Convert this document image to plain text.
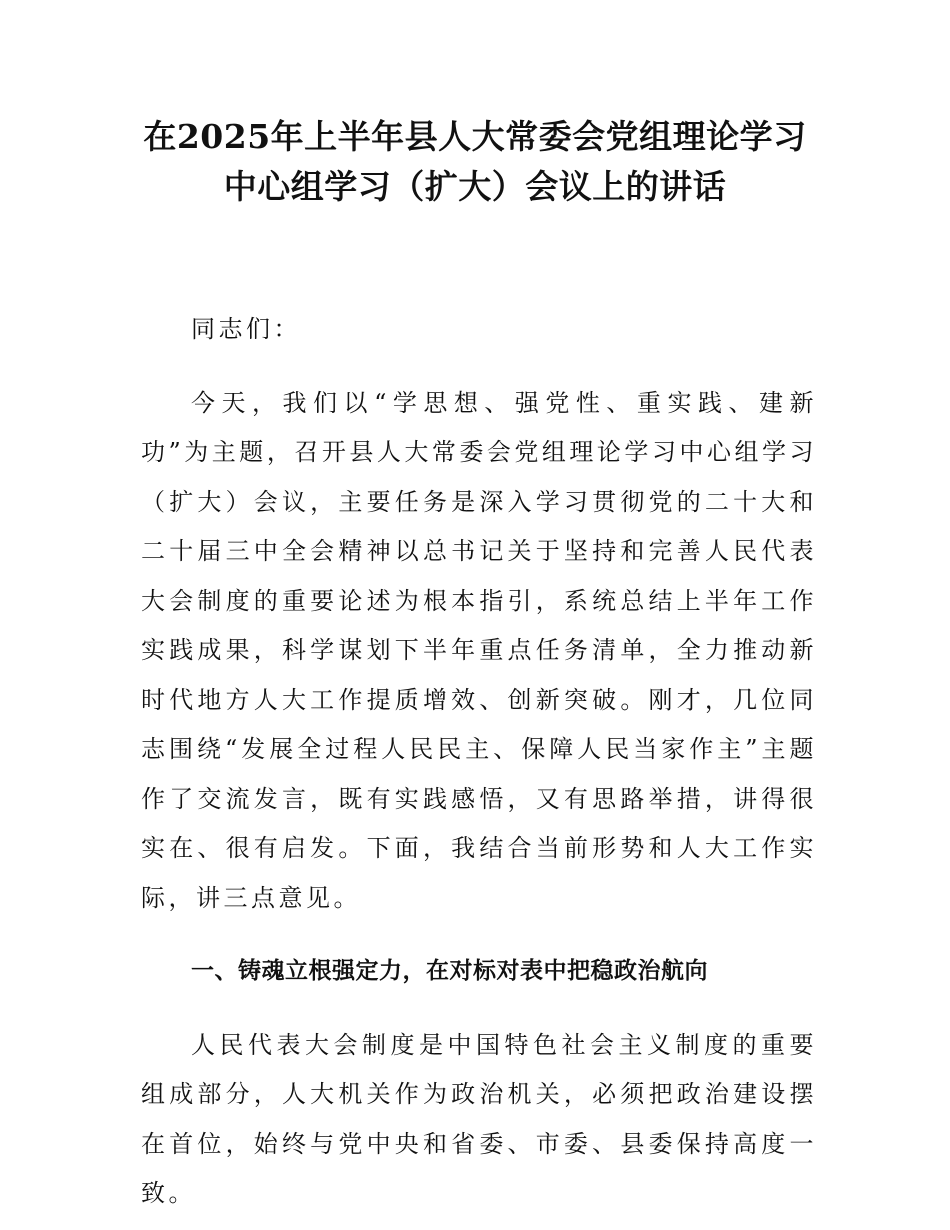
在2025年上半年县人大常委会党组理论学习
中心组学习（扩大）会议上的讲话

同志们：

今天，我们以“学思想、强党性、重实践、建新功”为主题，召开县人大常委会党组理论学习中心组学习（扩大）会议，主要任务是深入学习贯彻党的二十大和二十届三中全会精神以总书记关于坚持和完善人民代表大会制度的重要论述为根本指引，系统总结上半年工作实践成果，科学谋划下半年重点任务清单，全力推动新时代地方人大工作提质增效、创新突破。刚才，几位同志围绕“发展全过程人民民主、保障人民当家作主”主题作了交流发言，既有实践感悟，又有思路举措，讲得很实在、很有启发。下面，我结合当前形势和人大工作实际，讲三点意见。

一、铸魂立根强定力，在对标对表中把稳政治航向

人民代表大会制度是中国特色社会主义制度的重要组成部分，人大机关作为政治机关，必须把政治建设摆在首位，始终与党中央和省委、市委、县委保持高度一致。
